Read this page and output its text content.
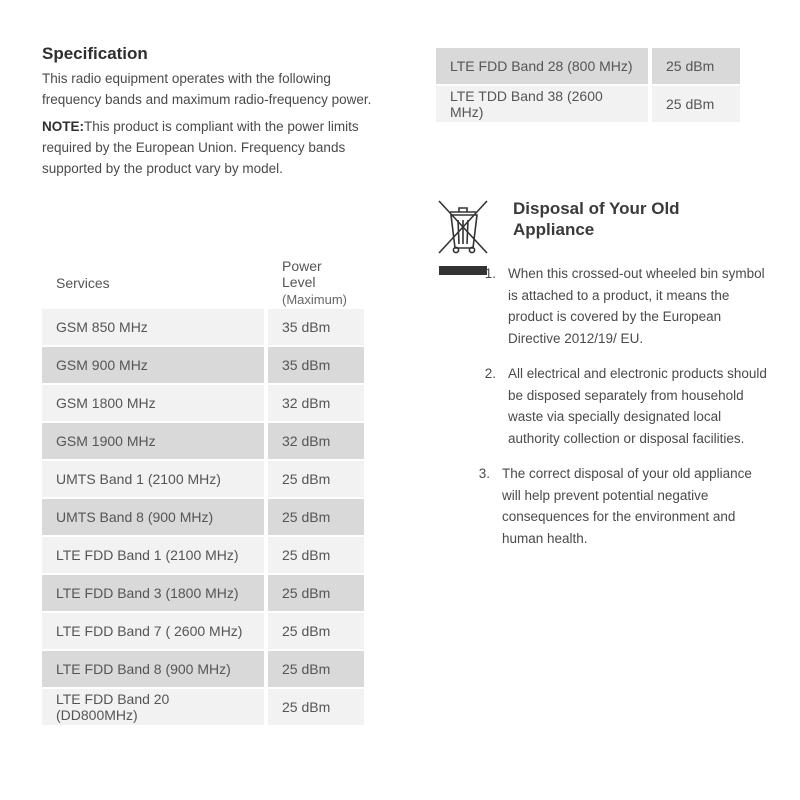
Specification

This radio equipment operates with the following frequency bands and maximum radio-frequency power.

NOTE:This product is compliant with the power limits required by the European Union. Frequency bands supported by the product vary by model.

Services	Power Level
(Maximum)

GSM 850 MHz	35 dBm
GSM 900 MHz	35 dBm
GSM 1800 MHz	32 dBm
GSM 1900 MHz	32 dBm
UMTS Band 1 (2100 MHz)	25 dBm
UMTS Band 8 (900 MHz)	25 dBm
LTE FDD Band 1 (2100 MHz)	25 dBm
LTE FDD Band 3 (1800 MHz)	25 dBm
LTE FDD Band 7 ( 2600 MHz)	25 dBm
LTE FDD Band 8 (900 MHz)	25 dBm
LTE FDD Band 20 (DD800MHz)	25 dBm
LTE FDD Band 28 (800 MHz)	25 dBm
LTE TDD Band 38 (2600 MHz)	25 dBm
Disposal of Your Old
Appliance
1. When this crossed-out wheeled bin symbol is attached to a product, it means the product is covered by the European Directive 2012/19/ EU.
2. All electrical and electronic products should be disposed separately from household waste via specially designated local authority collection or disposal facilities.
3. The correct disposal of your old appliance will help prevent potential negative consequences for the environment and human health.
